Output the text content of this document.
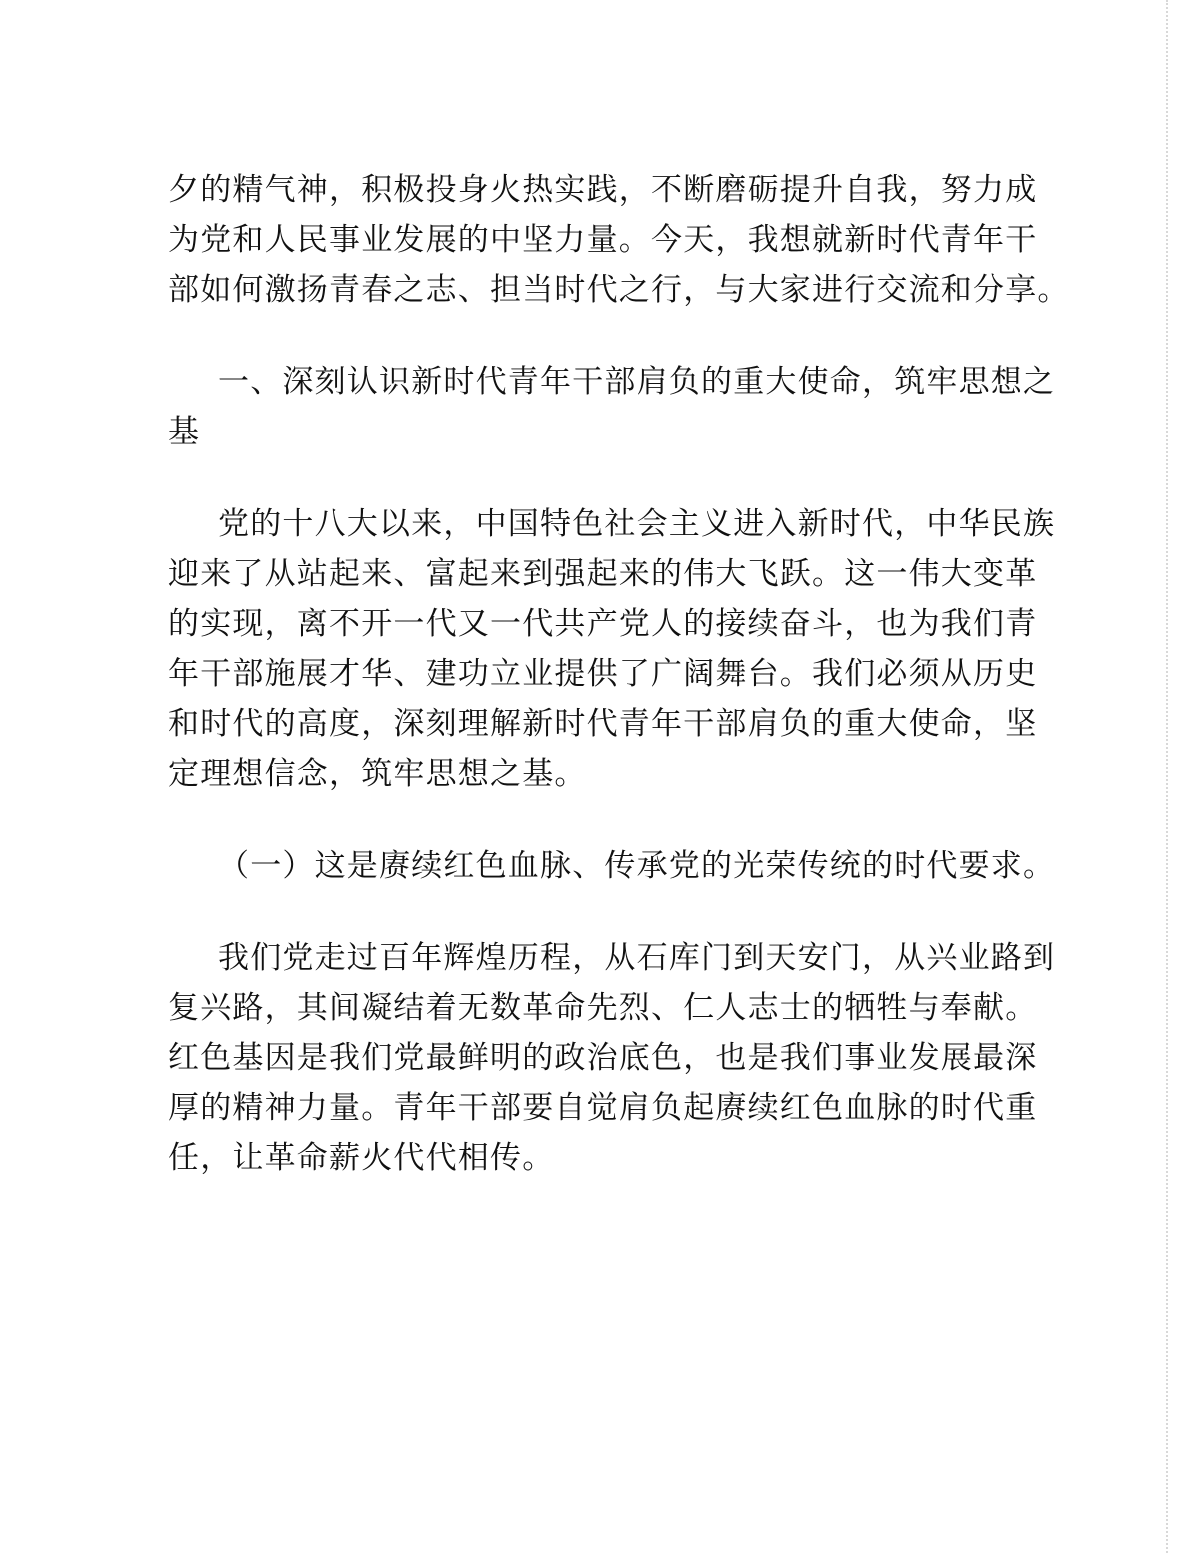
夕的精气神，积极投身火热实践，不断磨砺提升自我，努力成

为党和人民事业发展的中坚力量。今天，我想就新时代青年干

部如何激扬青春之志、担当时代之行，与大家进行交流和分享。

一、深刻认识新时代青年干部肩负的重大使命，筑牢思想之

基

党的十八大以来，中国特色社会主义进入新时代，中华民族

迎来了从站起来、富起来到强起来的伟大飞跃。这一伟大变革

的实现，离不开一代又一代共产党人的接续奋斗，也为我们青

年干部施展才华、建功立业提供了广阔舞台。我们必须从历史

和时代的高度，深刻理解新时代青年干部肩负的重大使命，坚

定理想信念，筑牢思想之基。

（一）这是赓续红色血脉、传承党的光荣传统的时代要求。

我们党走过百年辉煌历程，从石库门到天安门，从兴业路到

复兴路，其间凝结着无数革命先烈、仁人志士的牺牲与奉献。

红色基因是我们党最鲜明的政治底色，也是我们事业发展最深

厚的精神力量。青年干部要自觉肩负起赓续红色血脉的时代重

任，让革命薪火代代相传。
